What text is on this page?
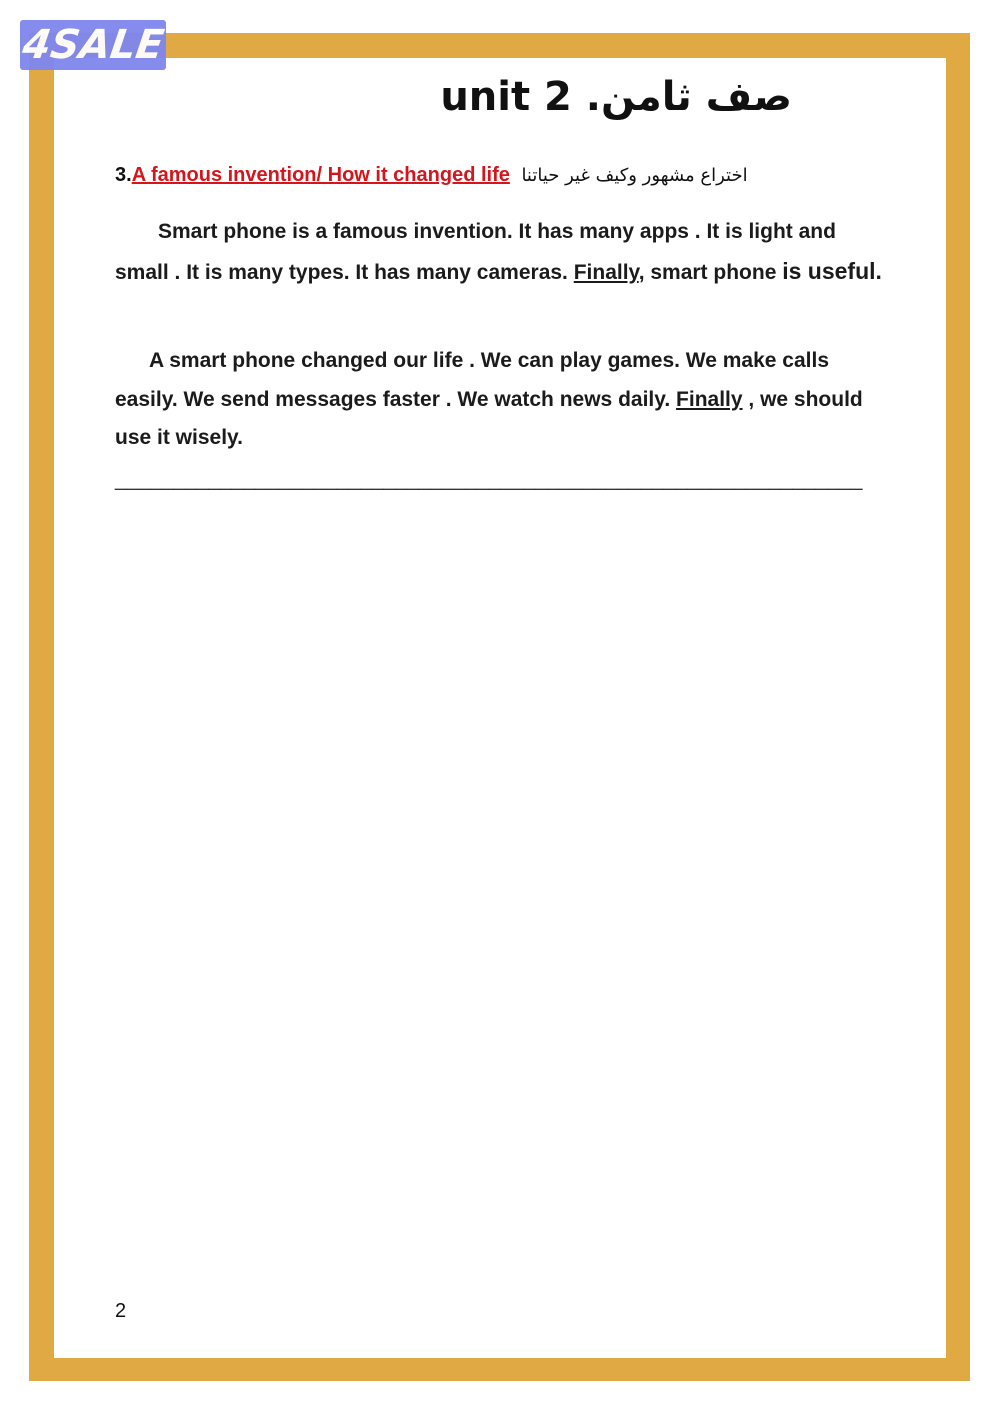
4SALE
صف ثامن. unit 2
3.A famous invention/ How it changed life اختراع مشهور وكيف غير حياتنا
Smart phone is a famous invention. It has many apps . It is light and small . It is many types. It has many cameras. Finally, smart phone is useful.
A smart phone changed our life . We can play games. We make calls easily. We send messages faster . We watch news daily. Finally , we should use it wisely.
________________________________________________________________
2
